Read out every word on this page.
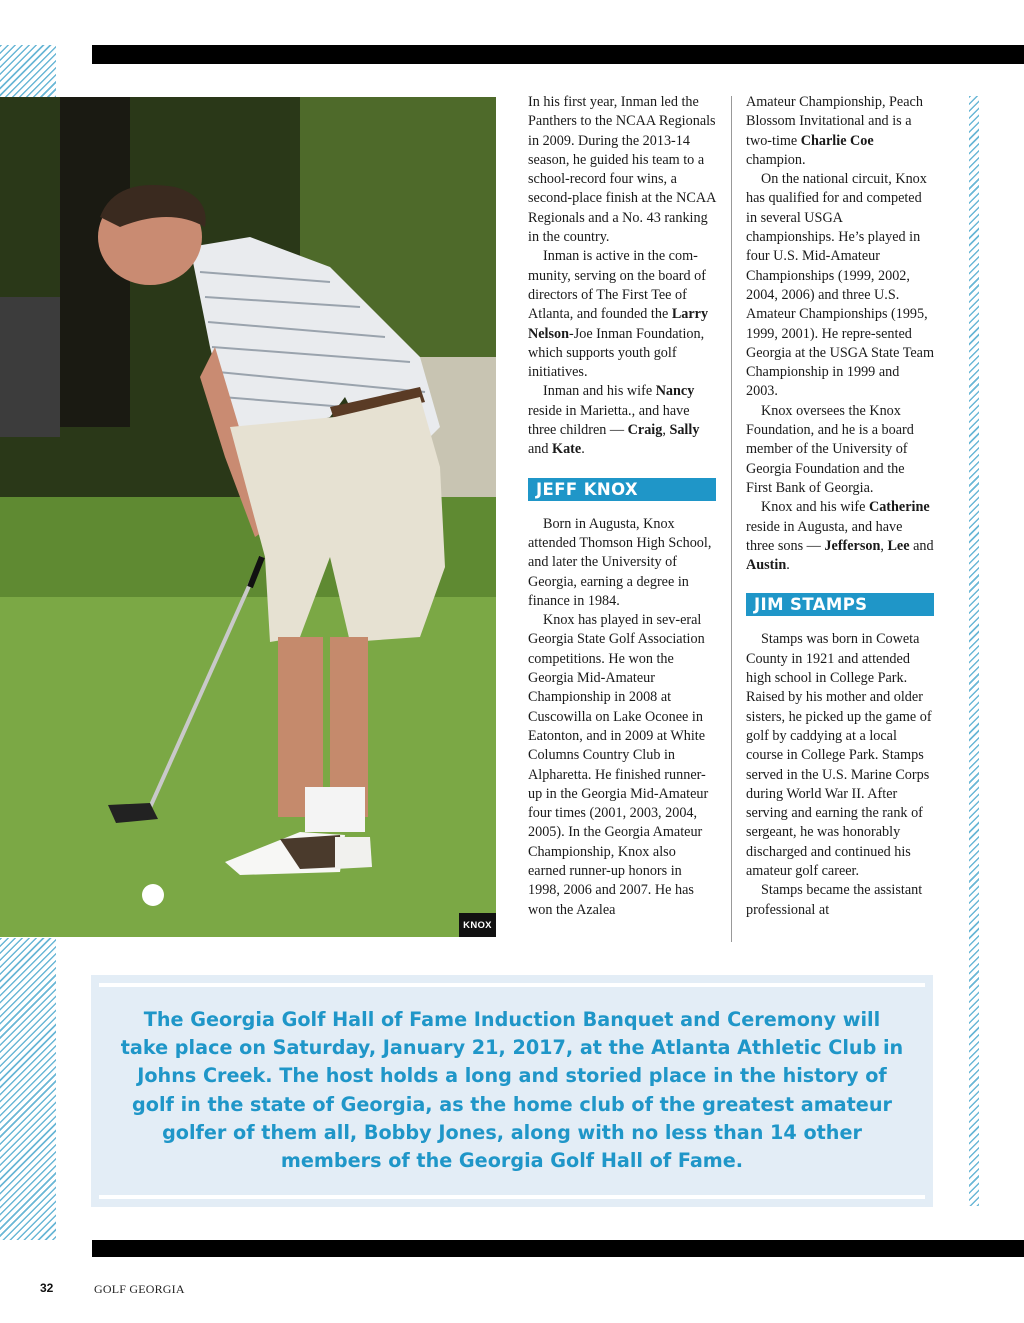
KNOX

In his first year, Inman led the Panthers to the NCAA Regionals in 2009. During the 2013-14 season, he guided his team to a school-record four wins, a second-place finish at the NCAA Regionals and a No. 43 ranking in the country.

Inman is active in the com-munity, serving on the board of directors of The First Tee of Atlanta, and founded the Larry Nelson-Joe Inman Foundation, which supports youth golf initiatives.

Inman and his wife Nancy reside in Marietta., and have three children — Craig, Sally and Kate.

JEFF KNOX

Born in Augusta, Knox attended Thomson High School, and later the University of Georgia, earning a degree in finance in 1984.

Knox has played in sev-eral Georgia State Golf Association competitions. He won the Georgia Mid-Amateur Championship in 2008 at Cuscowilla on Lake Oconee in Eatonton, and in 2009 at White Columns Country Club in Alpharetta. He finished runner-up in the Georgia Mid-Amateur four times (2001, 2003, 2004, 2005). In the Georgia Amateur Championship, Knox also earned runner-up honors in 1998, 2006 and 2007. He has won the Azalea

Amateur Championship, Peach Blossom Invitational and is a two-time Charlie Coe champion.

On the national circuit, Knox has qualified for and competed in several USGA championships. He’s played in four U.S. Mid-Amateur Championships (1999, 2002, 2004, 2006) and three U.S. Amateur Championships (1995, 1999, 2001). He repre-sented Georgia at the USGA State Team Championship in 1999 and 2003.

Knox oversees the Knox Foundation, and he is a board member of the University of Georgia Foundation and the First Bank of Georgia.

Knox and his wife Catherine reside in Augusta, and have three sons — Jefferson, Lee and Austin.

JIM STAMPS

Stamps was born in Coweta County in 1921 and attended high school in College Park. Raised by his mother and older sisters, he picked up the game of golf by caddying at a local course in College Park. Stamps served in the U.S. Marine Corps during World War II. After serving and earning the rank of sergeant, he was honorably discharged and continued his amateur golf career.

Stamps became the assistant professional at

The Georgia Golf Hall of Fame Induction Banquet and Ceremony will take place on Saturday, January 21, 2017, at the Atlanta Athletic Club in Johns Creek. The host holds a long and storied place in the history of golf in the state of Georgia, as the home club of the greatest amateur golfer of them all, Bobby Jones, along with no less than 14 other members of the Georgia Golf Hall of Fame.
32	GOLF GEORGIA
